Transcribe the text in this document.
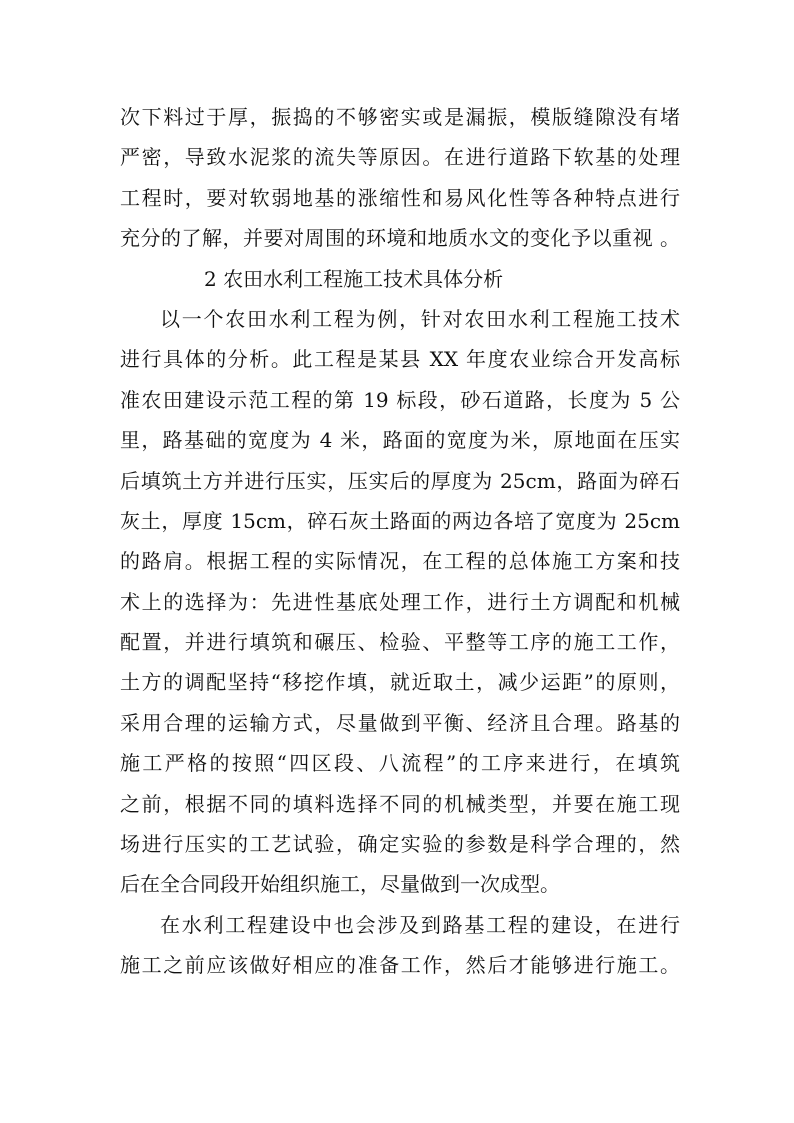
次下料过于厚，振捣的不够密实或是漏振，模版缝隙没有堵
严密，导致水泥浆的流失等原因。在进行道路下软基的处理
工程时，要对软弱地基的涨缩性和易风化性等各种特点进行
充分的了解，并要对周围的环境和地质水文的变化予以重视 。
2 农田水利工程施工技术具体分析
以一个农田水利工程为例，针对农田水利工程施工技术
进行具体的分析。此工程是某县 XX 年度农业综合开发高标
准农田建设示范工程的第 19 标段，砂石道路，长度为 5 公
里，路基础的宽度为 4 米，路面的宽度为米，原地面在压实
后填筑土方并进行压实，压实后的厚度为 25cm，路面为碎石
灰土，厚度 15cm，碎石灰土路面的两边各培了宽度为 25cm
的路肩。根据工程的实际情况，在工程的总体施工方案和技
术上的选择为：先进性基底处理工作，进行土方调配和机械
配置，并进行填筑和碾压、检验、平整等工序的施工工作，
土方的调配坚持“移挖作填，就近取土，减少运距”的原则，
采用合理的运输方式，尽量做到平衡、经济且合理。路基的
施工严格的按照“四区段、八流程”的工序来进行，在填筑
之前，根据不同的填料选择不同的机械类型，并要在施工现
场进行压实的工艺试验，确定实验的参数是科学合理的，然
后在全合同段开始组织施工，尽量做到一次成型。
在水利工程建设中也会涉及到路基工程的建设，在进行
施工之前应该做好相应的准备工作，然后才能够进行施工。
